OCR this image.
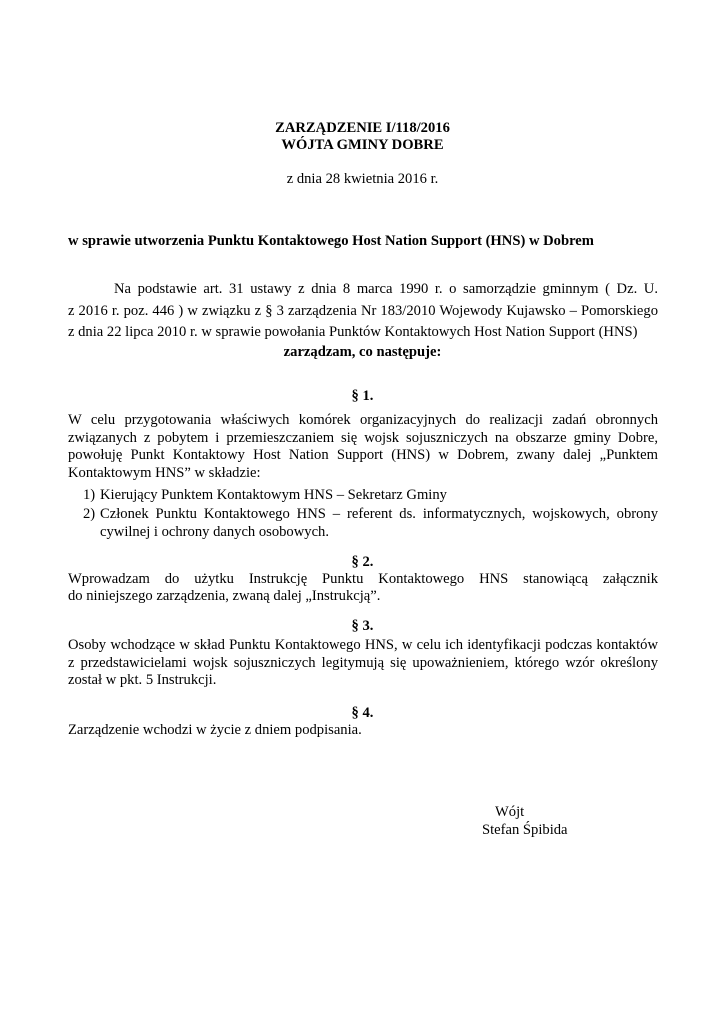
ZARZĄDZENIE I/118/2016
WÓJTA GMINY DOBRE
z dnia 28 kwietnia 2016 r.
w sprawie utworzenia Punktu Kontaktowego Host Nation Support (HNS) w Dobrem
Na podstawie art. 31 ustawy z dnia 8 marca 1990 r. o samorządzie gminnym ( Dz. U.
z 2016 r. poz. 446 ) w związku z § 3 zarządzenia Nr 183/2010 Wojewody Kujawsko – Pomorskiego
z dnia 22 lipca 2010 r. w sprawie powołania Punktów Kontaktowych Host Nation Support (HNS)
zarządzam, co następuje:
§ 1.
W celu przygotowania właściwych komórek organizacyjnych do realizacji zadań obronnych
związanych z pobytem i przemieszczaniem się wojsk sojuszniczych na obszarze gminy Dobre,
powołuję Punkt Kontaktowy Host Nation Support (HNS) w Dobrem, zwany dalej „Punktem
Kontaktowym HNS” w składzie:
1) Kierujący Punktem Kontaktowym HNS – Sekretarz Gminy
2) Członek Punktu Kontaktowego HNS – referent ds. informatycznych, wojskowych, obrony
cywilnej i ochrony danych osobowych.
§ 2.
Wprowadzam do użytku Instrukcję Punktu Kontaktowego HNS stanowiącą załącznik
do niniejszego zarządzenia, zwaną dalej „Instrukcją”.
§ 3.
Osoby wchodzące w skład Punktu Kontaktowego HNS, w celu ich identyfikacji podczas kontaktów
z przedstawicielami wojsk sojuszniczych legitymują się upoważnieniem, którego wzór określony
został w pkt. 5 Instrukcji.
§ 4.
Zarządzenie wchodzi w życie z dniem podpisania.
Wójt
Stefan Śpibida
